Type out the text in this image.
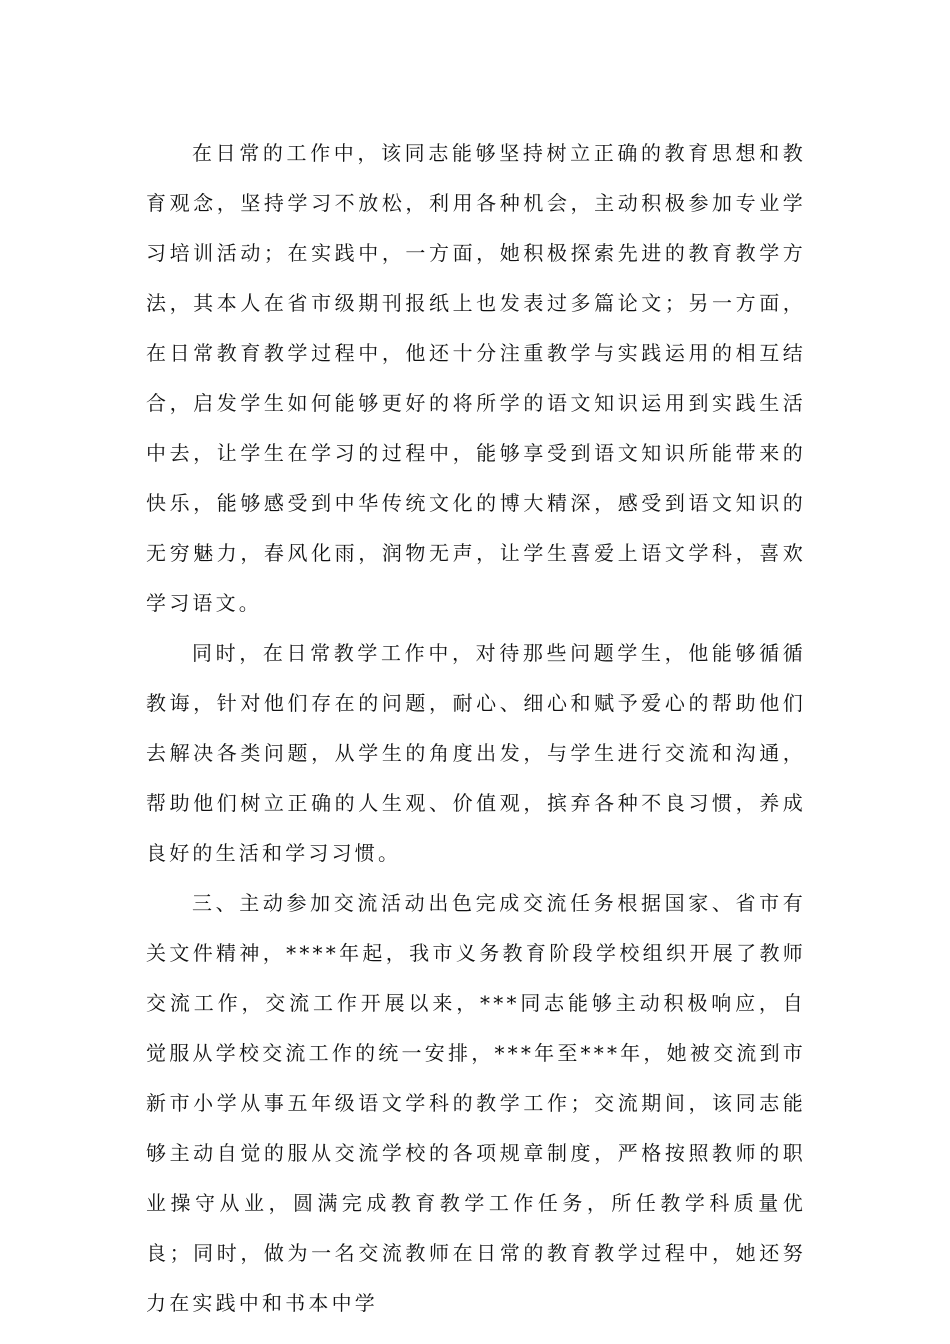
在日常的工作中，该同志能够坚持树立正确的教育思想和教育观念，坚持学习不放松，利用各种机会，主动积极参加专业学习培训活动；在实践中，一方面，她积极探索先进的教育教学方法，其本人在省市级期刊报纸上也发表过多篇论文；另一方面，在日常教育教学过程中，他还十分注重教学与实践运用的相互结合，启发学生如何能够更好的将所学的语文知识运用到实践生活中去，让学生在学习的过程中，能够享受到语文知识所能带来的快乐，能够感受到中华传统文化的博大精深，感受到语文知识的无穷魅力，春风化雨，润物无声，让学生喜爱上语文学科，喜欢学习语文。

同时，在日常教学工作中，对待那些问题学生，他能够循循教诲，针对他们存在的问题，耐心、细心和赋予爱心的帮助他们去解决各类问题，从学生的角度出发，与学生进行交流和沟通，帮助他们树立正确的人生观、价值观，摈弃各种不良习惯，养成良好的生活和学习习惯。

三、主动参加交流活动出色完成交流任务根据国家、省市有关文件精神，****年起，我市义务教育阶段学校组织开展了教师交流工作，交流工作开展以来，***同志能够主动积极响应，自觉服从学校交流工作的统一安排，***年至***年，她被交流到市新市小学从事五年级语文学科的教学工作；交流期间，该同志能够主动自觉的服从交流学校的各项规章制度，严格按照教师的职业操守从业，圆满完成教育教学工作任务，所任教学科质量优良；同时，做为一名交流教师在日常的教育教学过程中，她还努力在实践中和书本中学
